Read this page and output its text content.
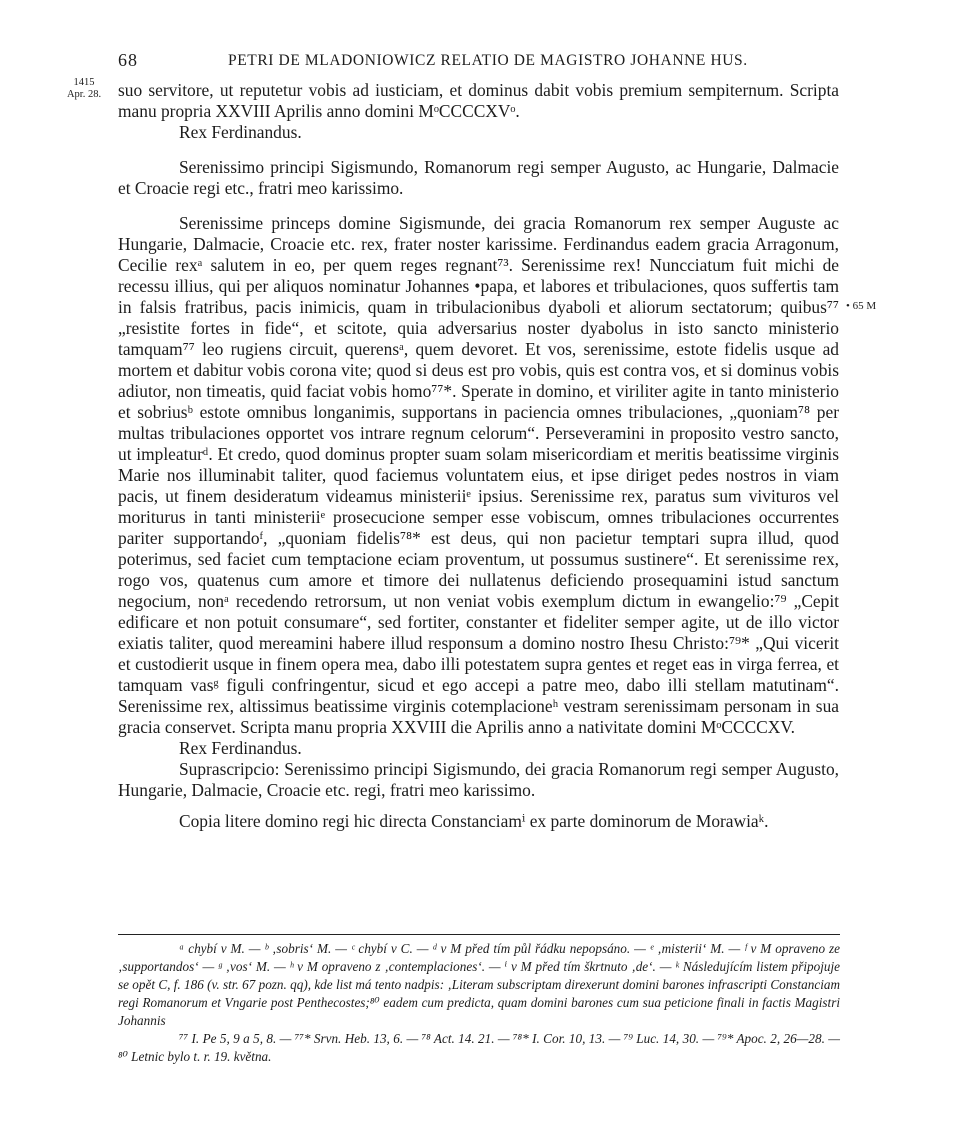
68	PETRI DE MLADONIOWICZ RELATIO DE MAGISTRO JOHANNE HUS.
1415
Apr. 28.
• 65 M

suo servitore, ut reputetur vobis ad iusticiam, et dominus dabit vobis premium sempiternum. Scripta manu propria XXVIII Aprilis anno domini MᵒCCCCXVᵒ.

Rex Ferdinandus.

Serenissimo principi Sigismundo, Romanorum regi semper Augusto, ac Hungarie, Dalmacie et Croacie regi etc., fratri meo karissimo.

Serenissime princeps domine Sigismunde, dei gracia Romanorum rex semper Auguste ac Hungarie, Dalmacie, Croacie etc. rex, frater noster karissime. Ferdinandus eadem gracia Arragonum, Cecilie rexᵃ salutem in eo, per quem reges regnant⁷³. Serenissime rex! Nuncciatum fuit michi de recessu illius, qui per aliquos nominatur Johannes •papa, et labores et tribulaciones, quos suffertis tam in falsis fratribus, pacis inimicis, quam in tribulacionibus dyaboli et aliorum sectatorum; quibus⁷⁷ „resistite fortes in fide“, et scitote, quia adversarius noster dyabolus in isto sancto ministerio tamquam⁷⁷ leo rugiens circuit, querensᵃ, quem devoret. Et vos, serenissime, estote fidelis usque ad mortem et dabitur vobis corona vite; quod si deus est pro vobis, quis est contra vos, et si dominus vobis adiutor, non timeatis, quid faciat vobis homo⁷⁷*. Sperate in domino, et viriliter agite in tanto ministerio et sobriusᵇ estote omnibus longanimis, supportans in paciencia omnes tribulaciones, „quoniam⁷⁸ per multas tribulaciones opportet vos intrare regnum celorum“. Perseveramini in proposito vestro sancto, ut impleaturᵈ. Et credo, quod dominus propter suam solam misericordiam et meritis beatissime virginis Marie nos illuminabit taliter, quod faciemus voluntatem eius, et ipse diriget pedes nostros in viam pacis, ut finem desideratum videamus ministeriiᵉ ipsius. Serenissime rex, paratus sum vivituros vel moriturus in tanti ministeriiᵉ prosecucione semper esse vobiscum, omnes tribulaciones occurrentes pariter supportandoᶠ, „quoniam fidelis⁷⁸* est deus, qui non pacietur temptari supra illud, quod poterimus, sed faciet cum temptacione eciam proventum, ut possumus sustinere“. Et serenissime rex, rogo vos, quatenus cum amore et timore dei nullatenus deficiendo prosequamini istud sanctum negocium, nonᵃ recedendo retrorsum, ut non veniat vobis exemplum dictum in ewangelio:⁷⁹ „Cepit edificare et non potuit consumare“, sed fortiter, constanter et fideliter semper agite, ut de illo victor exiatis taliter, quod mereamini habere illud responsum a domino nostro Ihesu Christo:⁷⁹* „Qui vicerit et custodierit usque in finem opera mea, dabo illi potestatem supra gentes et reget eas in virga ferrea, et tamquam vasᵍ figuli confringentur, sicud et ego accepi a patre meo, dabo illi stellam matutinam“. Serenissime rex, altissimus beatissime virginis cotemplacioneʰ vestram serenissimam personam in sua gracia conservet. Scripta manu propria XXVIII die Aprilis anno a nativitate domini MᵒCCCCXV.

Rex Ferdinandus.

Suprascripcio: Serenissimo principi Sigismundo, dei gracia Romanorum regi semper Augusto, Hungarie, Dalmacie, Croacie etc. regi, fratri meo karissimo.

Copia litere domino regi hic directa Constanciamⁱ ex parte dominorum de Morawiaᵏ.

ᵃ chybí v M. — ᵇ ‚sobris‘ M. — ᶜ chybí v C. — ᵈ v M před tím půl řádku nepopsáno. — ᵉ ‚misterii‘ M. — ᶠ v M opraveno ze ‚supportandos‘ — ᵍ ‚vos‘ M. — ʰ v M opraveno z ‚contemplaciones‘. — ⁱ v M před tím škrtnuto ‚de‘. — ᵏ Následujícím listem připojuje se opět C, f. 186 (v. str. 67 pozn. qq), kde list má tento nadpis: ‚Literam subscriptam direxerunt domini barones infrascripti Constanciam regi Romanorum et Vngarie post Penthecostes;⁸⁰ eadem cum predicta, quam domini barones cum sua peticione finali in factis Magistri Johannis

⁷⁷ I. Pe 5, 9 a 5, 8. — ⁷⁷* Srvn. Heb. 13, 6. — ⁷⁸ Act. 14. 21. — ⁷⁸* I. Cor. 10, 13. — ⁷⁹ Luc. 14, 30. — ⁷⁹* Apoc. 2, 26—28. — ⁸⁰ Letnic bylo t. r. 19. května.
